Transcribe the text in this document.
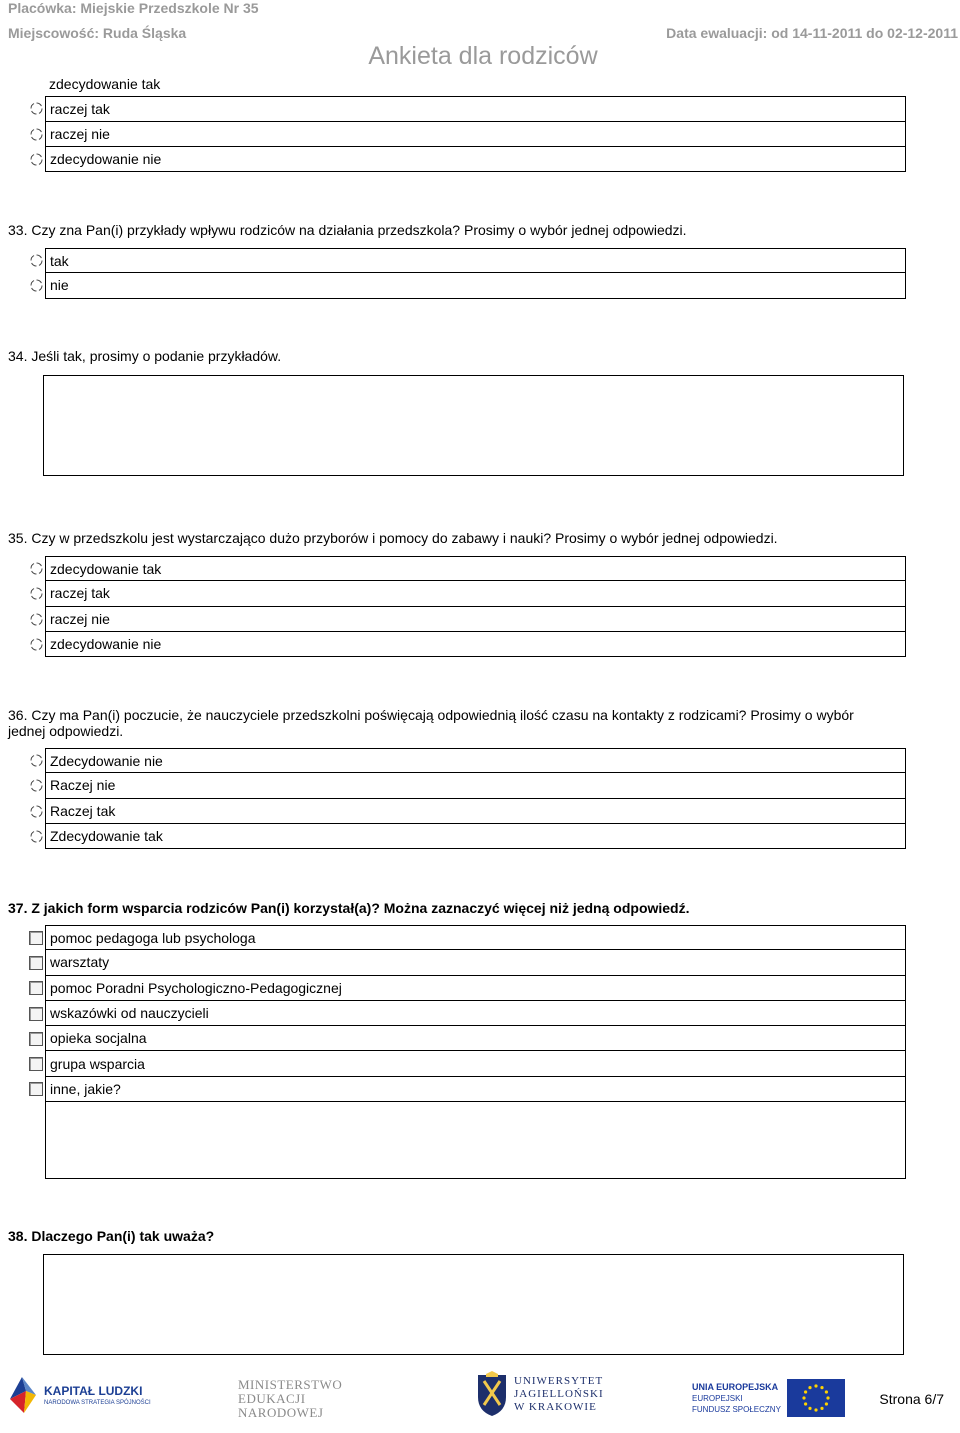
Placówka: Miejskie Przedszkole Nr 35
Miejscowość: Ruda Śląska	Data ewaluacji: od 14-11-2011 do 02-12-2011
Ankieta dla rodziców
zdecydowanie tak
raczej tak
raczej nie
zdecydowanie nie
33. Czy zna Pan(i) przykłady wpływu rodziców na działania przedszkola? Prosimy o wybór jednej odpowiedzi.
tak
nie
34. Jeśli tak, prosimy o podanie przykładów.
35. Czy w przedszkolu jest wystarczająco dużo przyborów i pomocy do zabawy i nauki? Prosimy o wybór jednej odpowiedzi.
zdecydowanie tak
raczej tak
raczej nie
zdecydowanie nie
36. Czy ma Pan(i) poczucie, że nauczyciele przedszkolni poświęcają odpowiednią ilość czasu na kontakty z rodzicami? Prosimy o wybór
jednej odpowiedzi.
Zdecydowanie nie
Raczej nie
Raczej tak
Zdecydowanie tak
37. Z jakich form wsparcia rodziców Pan(i) korzystał(a)? Można zaznaczyć więcej niż jedną odpowiedź.
pomoc pedagoga lub psychologa
warsztaty
pomoc Poradni Psychologiczno-Pedagogicznej
wskazówki od nauczycieli
opieka socjalna
grupa wsparcia
inne, jakie?
38. Dlaczego Pan(i) tak uważa?
KAPITAŁ LUDZKI
NARODOWA STRATEGIA SPÓJNOŚCI
MINISTERSTWO
EDUKACJI
NARODOWEJ
UNIWERSYTET
JAGIELLOŃSKI
W KRAKOWIE
UNIA EUROPEJSKA
EUROPEJSKI
FUNDUSZ SPOŁECZNY
Strona 6/7
